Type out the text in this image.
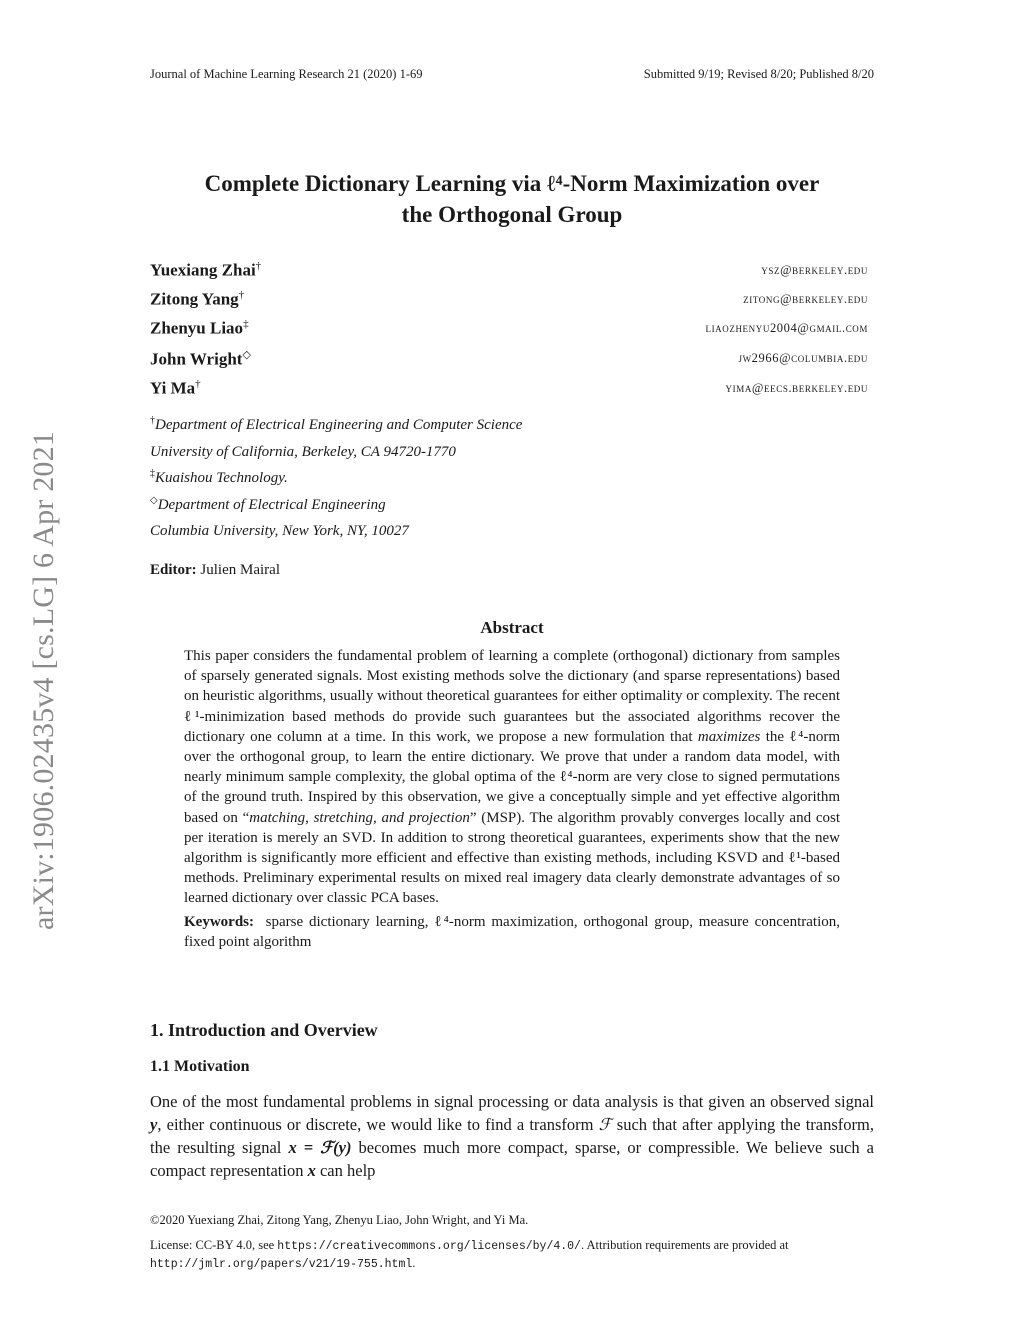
Journal of Machine Learning Research 21 (2020) 1-69	Submitted 9/19; Revised 8/20; Published 8/20
arXiv:1906.02435v4 [cs.LG] 6 Apr 2021
Complete Dictionary Learning via ℓ⁴-Norm Maximization over
the Orthogonal Group
Yuexiang Zhai†	ysz@berkeley.edu
Zitong Yang†	zitong@berkeley.edu
Zhenyu Liao‡	liaozhenyu2004@gmail.com
John Wright◇	jw2966@columbia.edu
Yi Ma†	yima@eecs.berkeley.edu
†Department of Electrical Engineering and Computer Science
University of California, Berkeley, CA 94720-1770
‡Kuaishou Technology.
◇Department of Electrical Engineering
Columbia University, New York, NY, 10027
Editor: Julien Mairal
Abstract

This paper considers the fundamental problem of learning a complete (orthogonal) dictionary from samples of sparsely generated signals. Most existing methods solve the dictionary (and sparse representations) based on heuristic algorithms, usually without theoretical guarantees for either optimality or complexity. The recent ℓ¹-minimization based methods do provide such guarantees but the associated algorithms recover the dictionary one column at a time. In this work, we propose a new formulation that maximizes the ℓ⁴-norm over the orthogonal group, to learn the entire dictionary. We prove that under a random data model, with nearly minimum sample complexity, the global optima of the ℓ⁴-norm are very close to signed permutations of the ground truth. Inspired by this observation, we give a conceptually simple and yet effective algorithm based on “matching, stretching, and projection” (MSP). The algorithm provably converges locally and cost per iteration is merely an SVD. In addition to strong theoretical guarantees, experiments show that the new algorithm is significantly more efficient and effective than existing methods, including KSVD and ℓ¹-based methods. Preliminary experimental results on mixed real imagery data clearly demonstrate advantages of so learned dictionary over classic PCA bases.

Keywords: sparse dictionary learning, ℓ⁴-norm maximization, orthogonal group, measure concentration, fixed point algorithm

1. Introduction and Overview
1.1 Motivation
One of the most fundamental problems in signal processing or data analysis is that given an observed signal y, either continuous or discrete, we would like to find a transform ℱ such that after applying the transform, the resulting signal x = ℱ(y) becomes much more compact, sparse, or compressible. We believe such a compact representation x can help
©2020 Yuexiang Zhai, Zitong Yang, Zhenyu Liao, John Wright, and Yi Ma.
License: CC-BY 4.0, see https://creativecommons.org/licenses/by/4.0/. Attribution requirements are provided at http://jmlr.org/papers/v21/19-755.html.
